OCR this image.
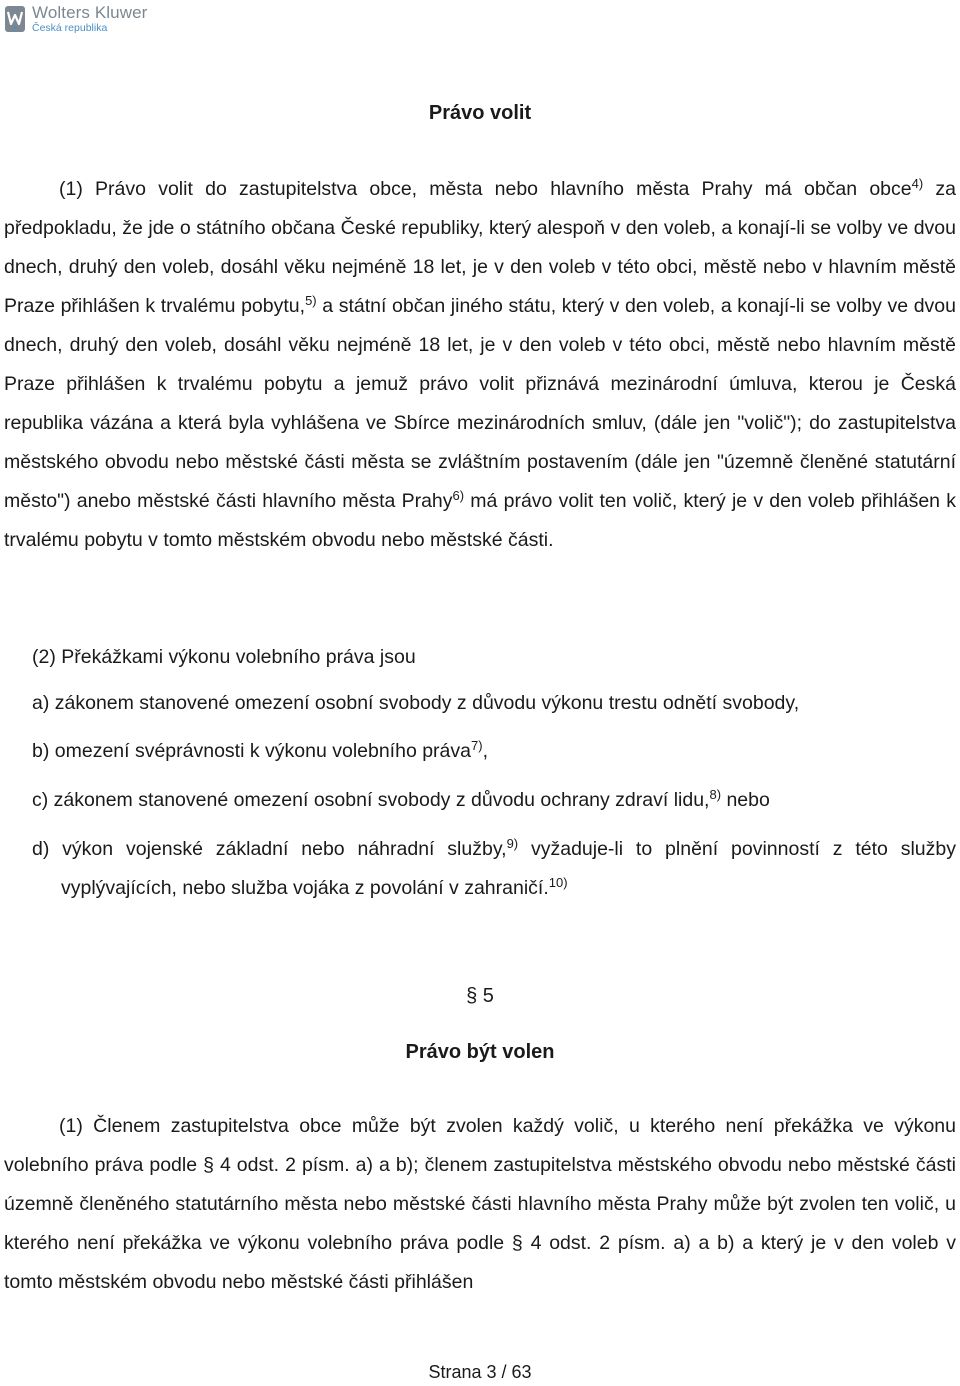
Wolters Kluwer
Česká republika
Právo volit
(1) Právo volit do zastupitelstva obce, města nebo hlavního města Prahy má občan obce$^{4)}$ za předpokladu, že jde o státního občana České republiky, který alespoň v den voleb, a konají-li se volby ve dvou dnech, druhý den voleb, dosáhl věku nejméně 18 let, je v den voleb v této obci, městě nebo v hlavním městě Praze přihlášen k trvalému pobytu,$^{5)}$ a státní občan jiného státu, který v den voleb, a konají-li se volby ve dvou dnech, druhý den voleb, dosáhl věku nejméně 18 let, je v den voleb v této obci, městě nebo hlavním městě Praze přihlášen k trvalému pobytu a jemuž právo volit přiznává mezinárodní úmluva, kterou je Česká republika vázána a která byla vyhlášena ve Sbírce mezinárodních smluv, (dále jen "volič"); do zastupitelstva městského obvodu nebo městské části města se zvláštním postavením (dále jen "územně členěné statutární město") anebo městské části hlavního města Prahy$^{6)}$ má právo volit ten volič, který je v den voleb přihlášen k trvalému pobytu v tomto městském obvodu nebo městské části.
(2) Překážkami výkonu volebního práva jsou
a) zákonem stanovené omezení osobní svobody z důvodu výkonu trestu odnětí svobody,
b) omezení svéprávnosti k výkonu volebního práva$^{7)}$,
c) zákonem stanovené omezení osobní svobody z důvodu ochrany zdraví lidu,$^{8)}$ nebo
d) výkon vojenské základní nebo náhradní služby,$^{9)}$ vyžaduje-li to plnění povinností z této služby vyplývajících, nebo služba vojáka z povolání v zahraničí.$^{10)}$
§ 5
Právo být volen
(1) Členem zastupitelstva obce může být zvolen každý volič, u kterého není překážka ve výkonu volebního práva podle § 4 odst. 2 písm. a) a b); členem zastupitelstva městského obvodu nebo městské části územně členěného statutárního města nebo městské části hlavního města Prahy může být zvolen ten volič, u kterého není překážka ve výkonu volebního práva podle § 4 odst. 2 písm. a) a b) a který je v den voleb v tomto městském obvodu nebo městské části přihlášen
Strana 3 / 63
